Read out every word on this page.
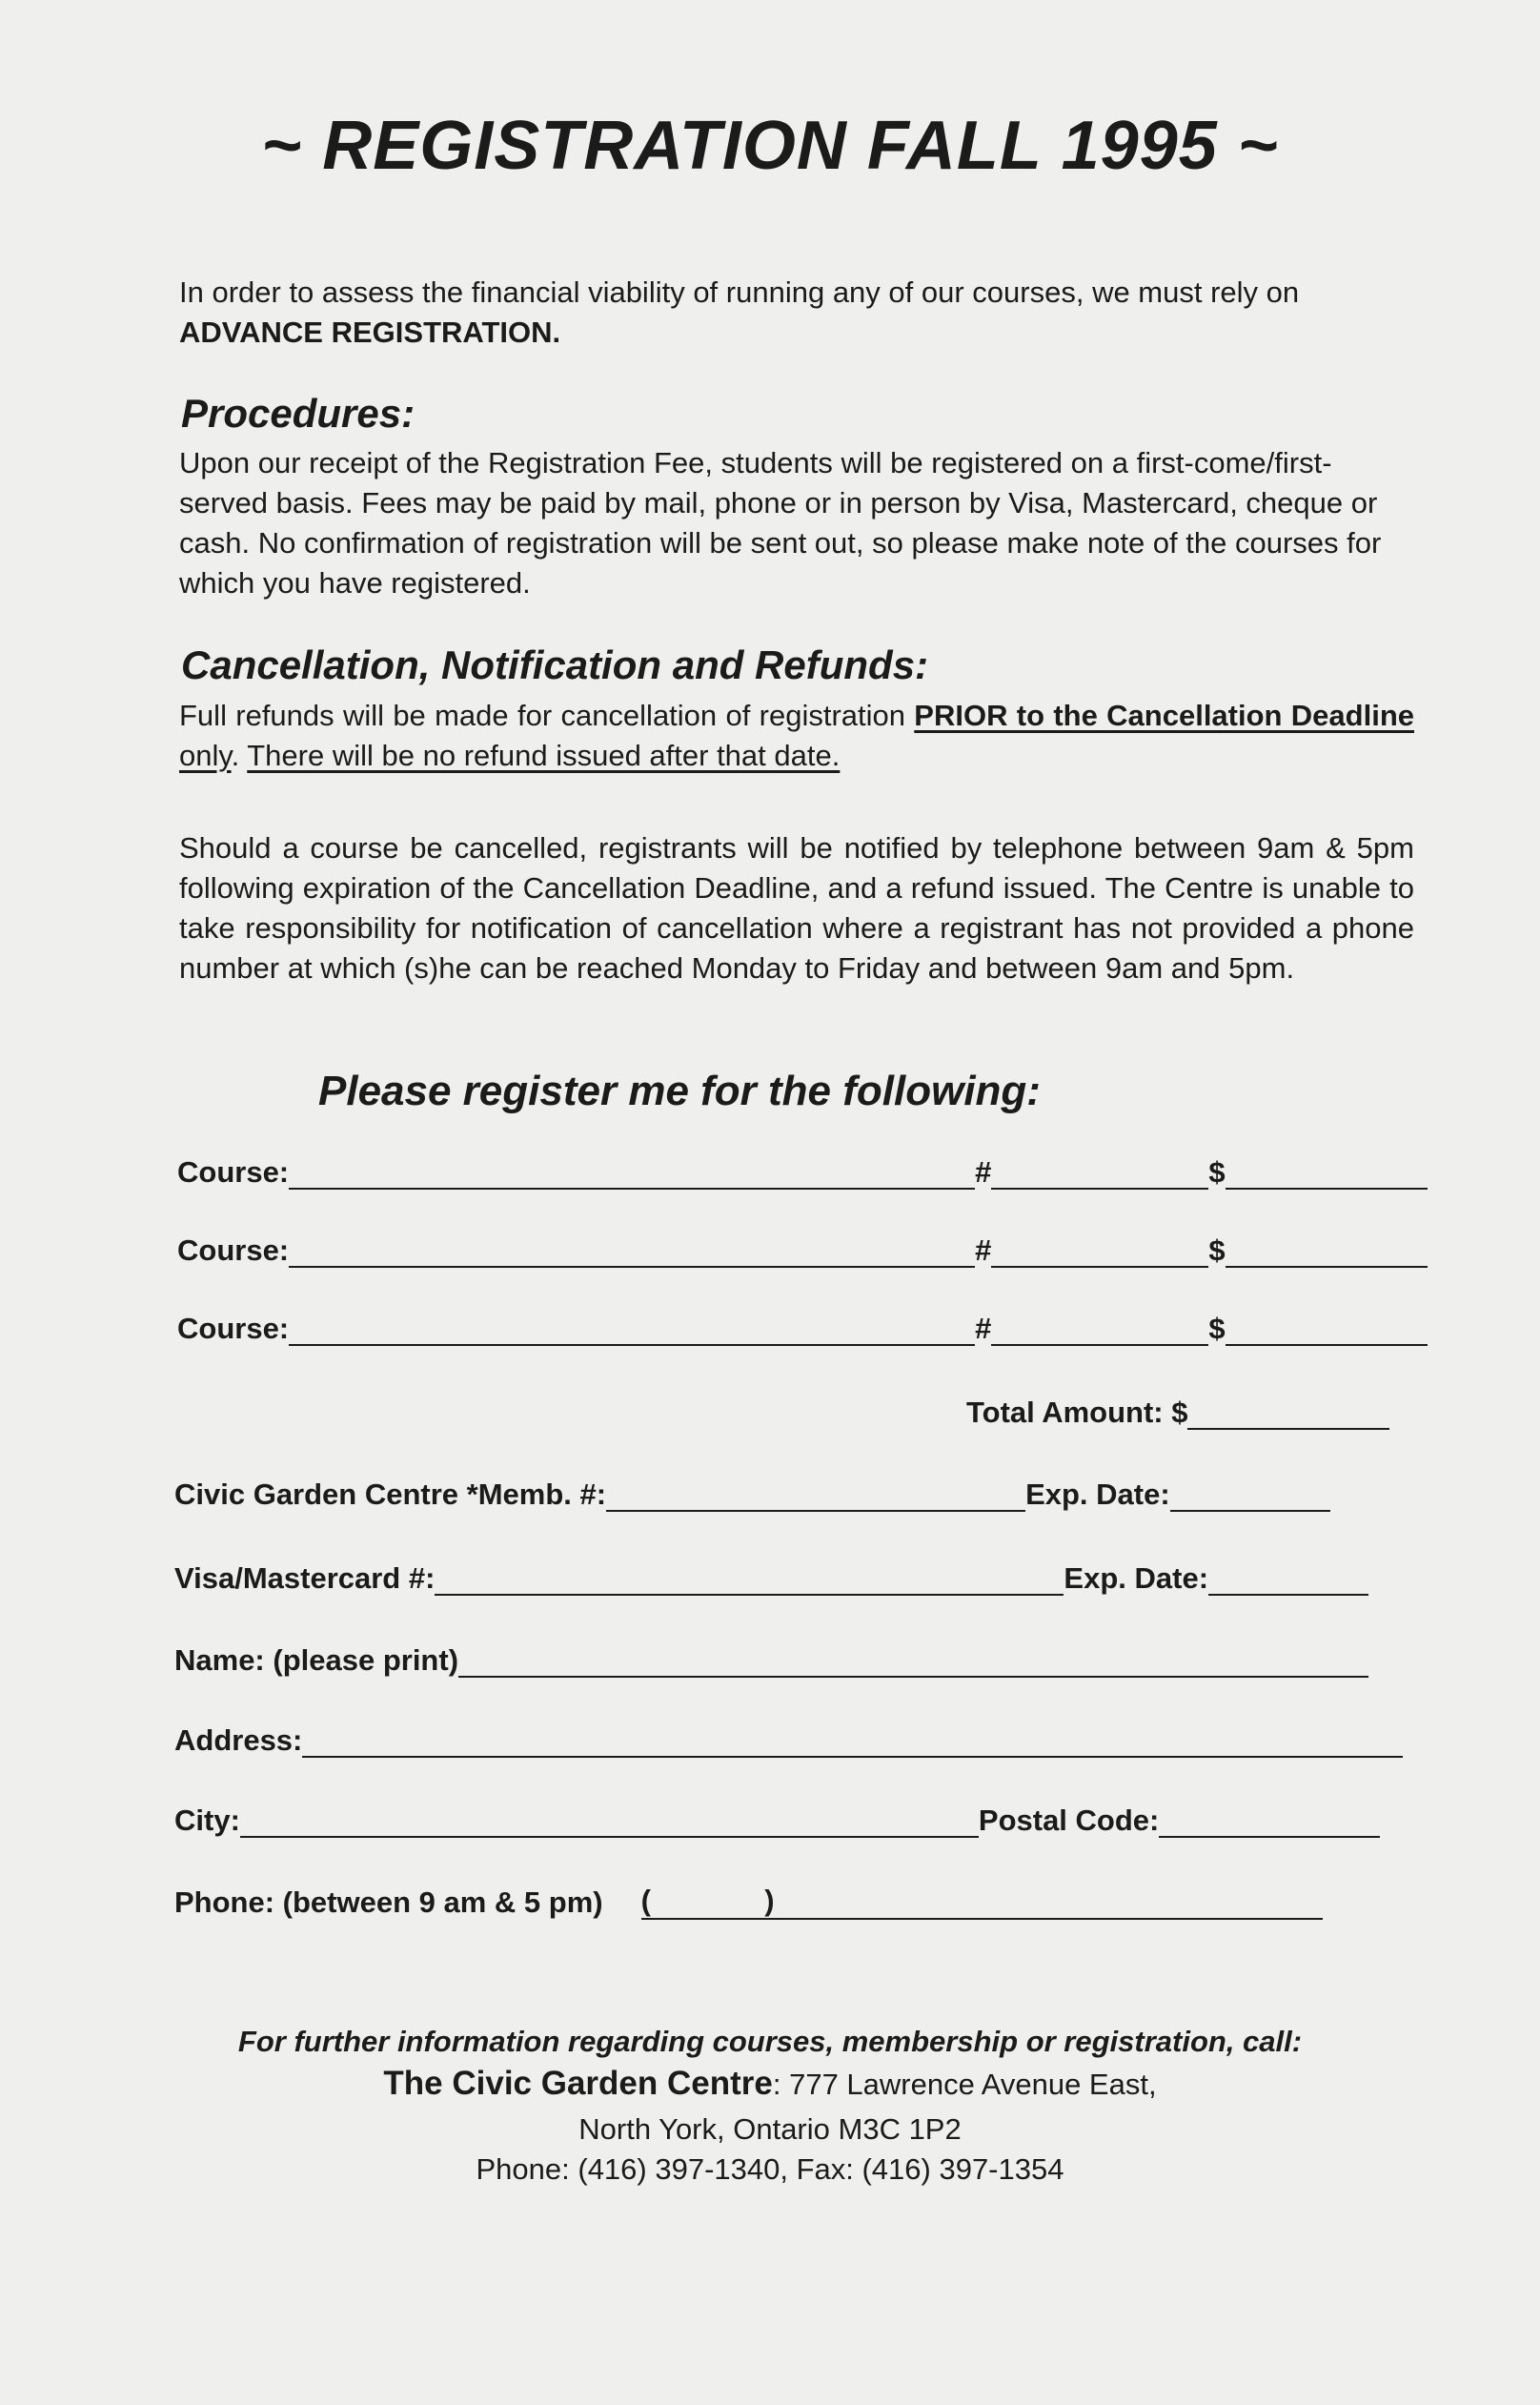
~ REGISTRATION FALL 1995 ~
In order to assess the financial viability of running any of our courses, we must rely on ADVANCE REGISTRATION.
Procedures:
Upon our receipt of the Registration Fee, students will be registered on a first-come/first-served basis. Fees may be paid by mail, phone or in person by Visa, Mastercard, cheque or cash. No confirmation of registration will be sent out, so please make note of the courses for which you have registered.
Cancellation, Notification and Refunds:
Full refunds will be made for cancellation of registration PRIOR to the Cancellation Deadline only. There will be no refund issued after that date.
Should a course be cancelled, registrants will be notified by telephone between 9am & 5pm following expiration of the Cancellation Deadline, and a refund issued. The Centre is unable to take responsibility for notification of cancellation where a registrant has not provided a phone number at which (s)he can be reached Monday to Friday and between 9am and 5pm.
Please register me for the following:
Course:	#	$
Course:	#	$
Course:	#	$
Total Amount: $
Civic Garden Centre *Memb. #:	Exp. Date:
Visa/Mastercard #:	Exp. Date:
Name: (please print)
Address:
City:	Postal Code:
Phone: (between 9 am & 5 pm) (	)
For further information regarding courses, membership or registration, call:
The Civic Garden Centre: 777 Lawrence Avenue East,
North York, Ontario M3C 1P2
Phone: (416) 397-1340, Fax: (416) 397-1354
